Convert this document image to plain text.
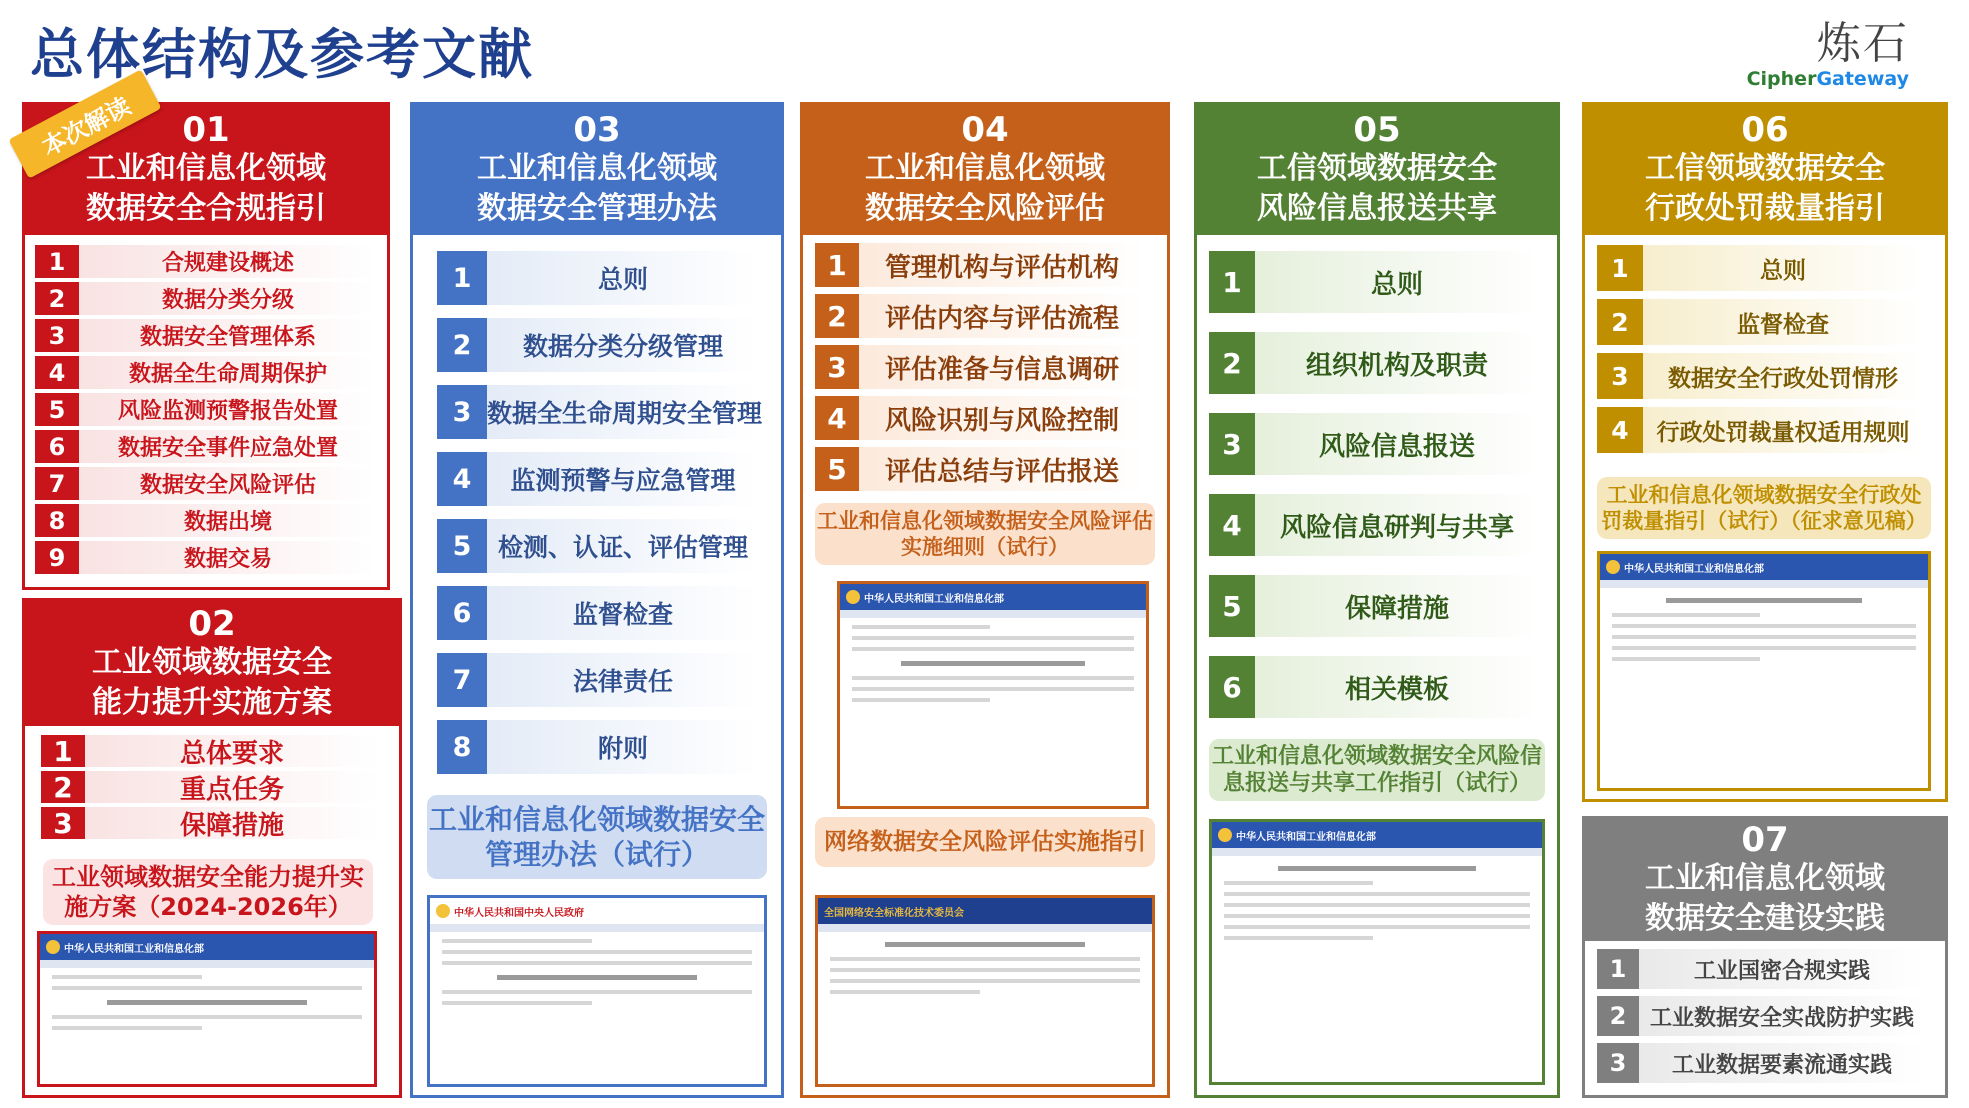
总体结构及参考文献	炼石
CipherGateway
01
工业和信息化领域
数据安全合规指引
1	合规建设概述
2	数据分类分级
3	数据安全管理体系
4	数据全生命周期保护
5	风险监测预警报告处置
6	数据安全事件应急处置
7	数据安全风险评估
8	数据出境
9	数据交易
本次解读
02
工业领域数据安全
能力提升实施方案
1	总体要求
2	重点任务
3	保障措施
工业领域数据安全能力提升实施方案（2024-2026年）
中华人民共和国工业和信息化部
03
工业和信息化领域
数据安全管理办法
1	总则
2	数据分类分级管理
3 数据全生命周期安全管理
4	监测预警与应急管理
5	检测、认证、评估管理
6	监督检查
7	法律责任
8	附则
工业和信息化领域数据安全管理办法（试行）
中华人民共和国中央人民政府
04
工业和信息化领域
数据安全风险评估
1	管理机构与评估机构
2	评估内容与评估流程
3	评估准备与信息调研
4	风险识别与风险控制
5	评估总结与评估报送
工业和信息化领域数据安全风险评估实施细则（试行）
中华人民共和国工业和信息化部
网络数据安全风险评估实施指引
全国网络安全标准化技术委员会
05
工信领域数据安全
风险信息报送共享
1	总则
2	组织机构及职责
3	风险信息报送
4	风险信息研判与共享
5	保障措施
6	相关模板
工业和信息化领域数据安全风险信息报送与共享工作指引（试行）
中华人民共和国工业和信息化部
06
工信领域数据安全
行政处罚裁量指引
1	总则
2	监督检查
3	数据安全行政处罚情形
4	行政处罚裁量权适用规则
工业和信息化领域数据安全行政处罚裁量指引（试行）（征求意见稿）
中华人民共和国工业和信息化部
07
工业和信息化领域
数据安全建设实践
1	工业国密合规实践
2	工业数据安全实战防护实践
3	工业数据要素流通实践
